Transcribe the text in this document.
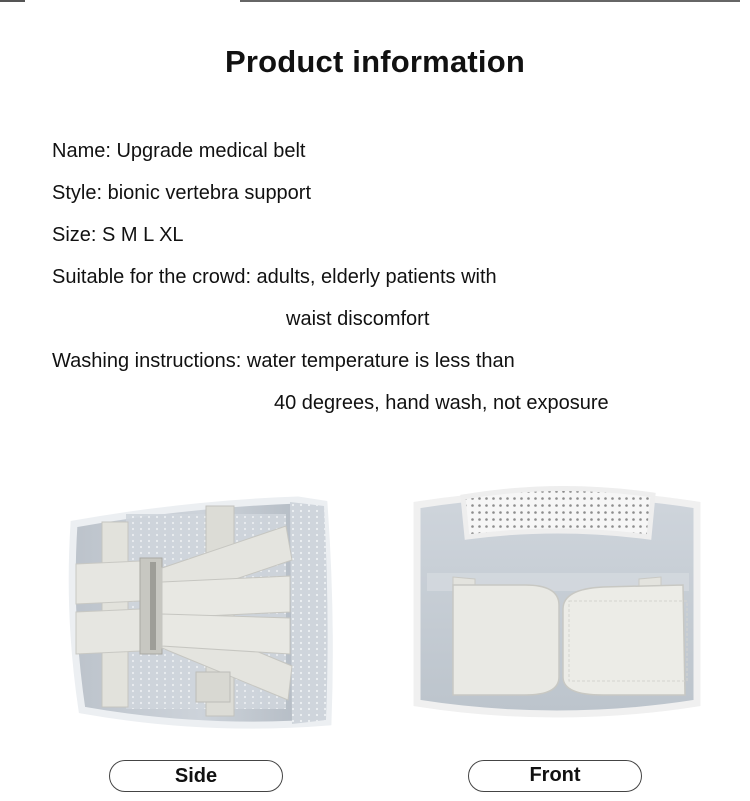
Product information
Name: Upgrade medical belt
Style: bionic vertebra support
Size: S M L XL
Suitable for the crowd: adults, elderly patients with
waist discomfort
Washing instructions: water temperature is less than
40 degrees, hand wash, not exposure
Side	Front
